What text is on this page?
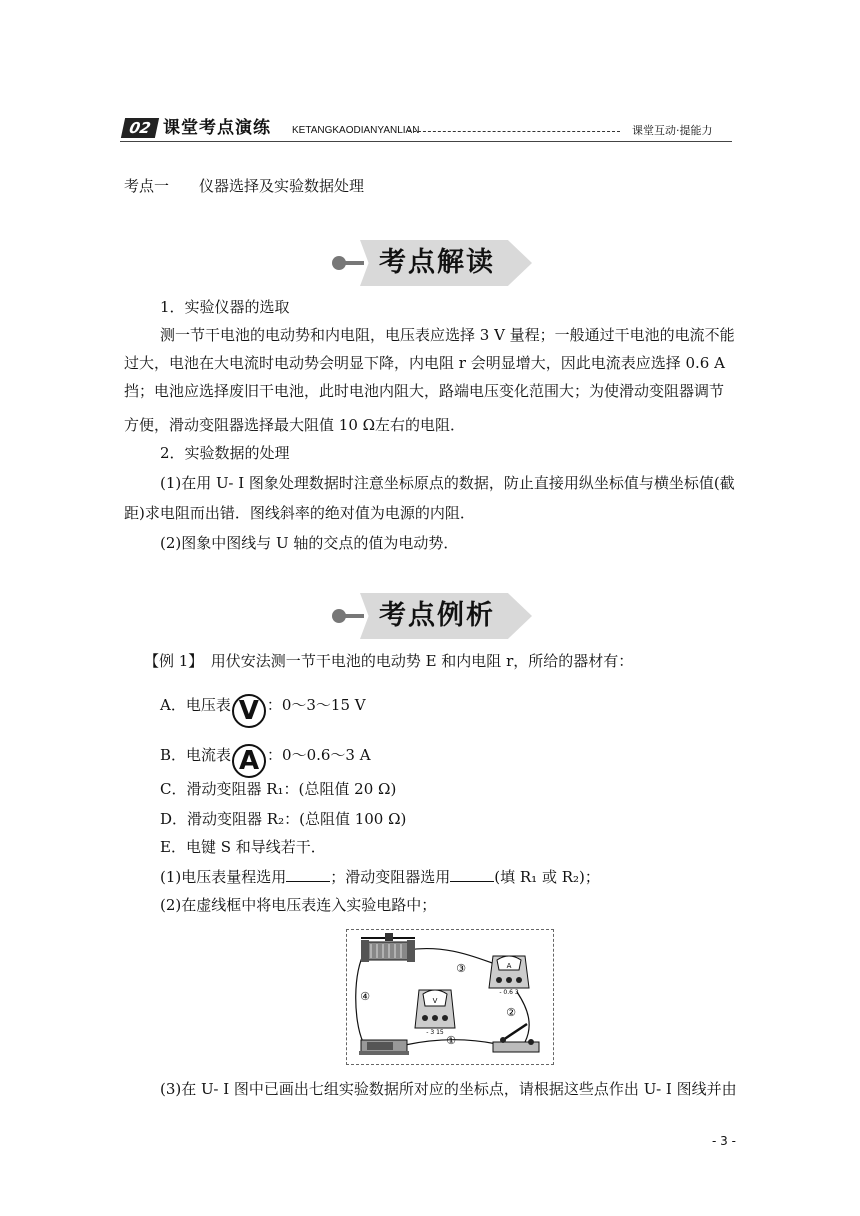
02 课堂考点演练 KETANGKAODIANYANLIAN	课堂互动·提能力
考点一　　仪器选择及实验数据处理
考点解读
1．实验仪器的选取
测一节干电池的电动势和内电阻，电压表应选择 3 V 量程；一般通过干电池的电流不能
过大，电池在大电流时电动势会明显下降，内电阻 r 会明显增大，因此电流表应选择 0.6 A
挡；电池应选择废旧干电池，此时电池内阻大，路端电压变化范围大；为使滑动变阻器调节
方便，滑动变阻器选择最大阻值 10 Ω左右的电阻．
2．实验数据的处理
(1)在用 U- I 图象处理数据时注意坐标原点的数据，防止直接用纵坐标值与横坐标值(截
距)求电阻而出错．图线斜率的绝对值为电源的内阻．
(2)图象中图线与 U 轴的交点的值为电动势．
考点例析
【例 1】　用伏安法测一节干电池的电动势 E 和内电阻 r，所给的器材有：
A．电压表 V ：0～3～15 V
B．电流表 A ：0～0.6～3 A
C．滑动变阻器 R₁：(总阻值 20 Ω)
D．滑动变阻器 R₂：(总阻值 100 Ω)
E．电键 S 和导线若干．
(1)电压表量程选用	；滑动变阻器选用	(填 R₁ 或 R₂)；
(2)在虚线框中将电压表连入实验电路中；
A
- 0.6 3
V
- 3 15
③
②
④
①
(3)在 U- I 图中已画出七组实验数据所对应的坐标点，请根据这些点作出 U- I 图线并由
- 3 -
